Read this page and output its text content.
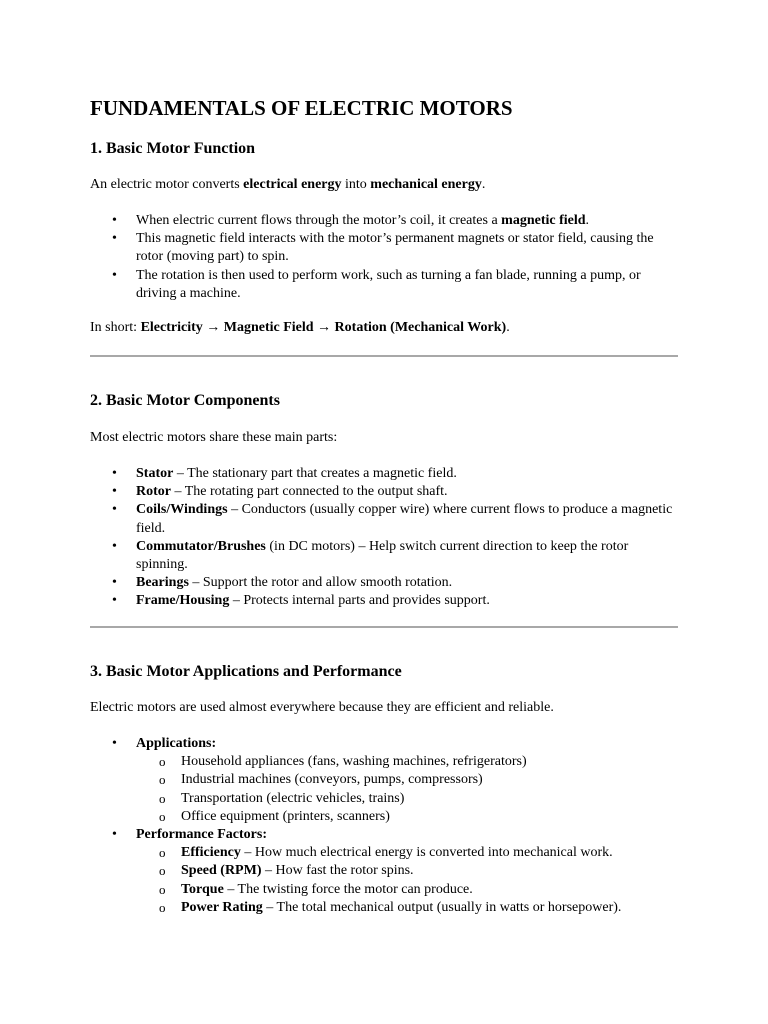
FUNDAMENTALS OF ELECTRIC MOTORS
1. Basic Motor Function

An electric motor converts electrical energy into mechanical energy.

• When electric current flows through the motor’s coil, it creates a magnetic field.
• This magnetic field interacts with the motor’s permanent magnets or stator field, causing the rotor (moving part) to spin.
• The rotation is then used to perform work, such as turning a fan blade, running a pump, or driving a machine.

In short: Electricity → Magnetic Field → Rotation (Mechanical Work).

2. Basic Motor Components

Most electric motors share these main parts:

• Stator – The stationary part that creates a magnetic field.
• Rotor – The rotating part connected to the output shaft.
• Coils/Windings – Conductors (usually copper wire) where current flows to produce a magnetic field.
• Commutator/Brushes (in DC motors) – Help switch current direction to keep the rotor spinning.
• Bearings – Support the rotor and allow smooth rotation.
• Frame/Housing – Protects internal parts and provides support.
3. Basic Motor Applications and Performance

Electric motors are used almost everywhere because they are efficient and reliable.

• Applications:
o Household appliances (fans, washing machines, refrigerators)
o Industrial machines (conveyors, pumps, compressors)
o Transportation (electric vehicles, trains)
o Office equipment (printers, scanners)
• Performance Factors:
o Efficiency – How much electrical energy is converted into mechanical work.
o Speed (RPM) – How fast the rotor spins.
o Torque – The twisting force the motor can produce.
o Power Rating – The total mechanical output (usually in watts or horsepower).
